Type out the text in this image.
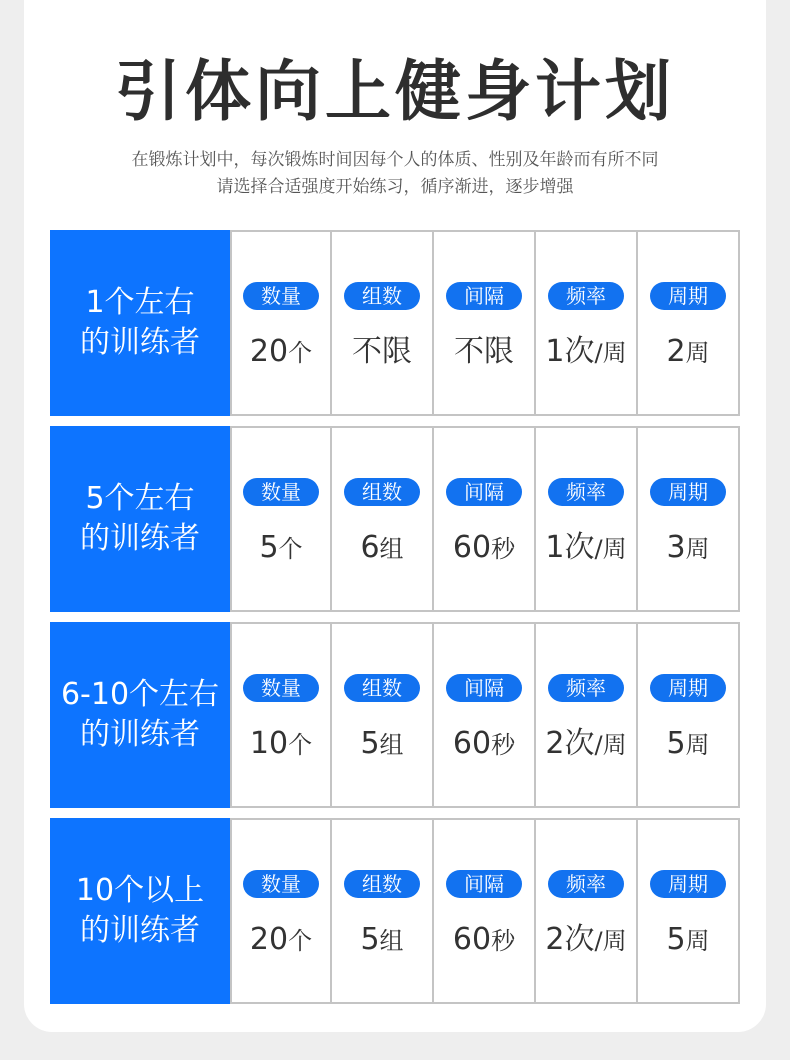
引体向上健身计划

在锻炼计划中，每次锻炼时间因每个人的体质、性别及年龄而有所不同

请选择合适强度开始练习，循序渐进，逐步增强

1个左右
的训练者
数量
20个
组数
不限
间隔
不限
频率
1次/周
周期
2周
5个左右
的训练者
数量
5个
组数
6组
间隔
60秒
频率
1次/周
周期
3周
6-10个左右
的训练者
数量
10个
组数
5组
间隔
60秒
频率
2次/周
周期
5周
10个以上
的训练者
数量
20个
组数
5组
间隔
60秒
频率
2次/周
周期
5周
